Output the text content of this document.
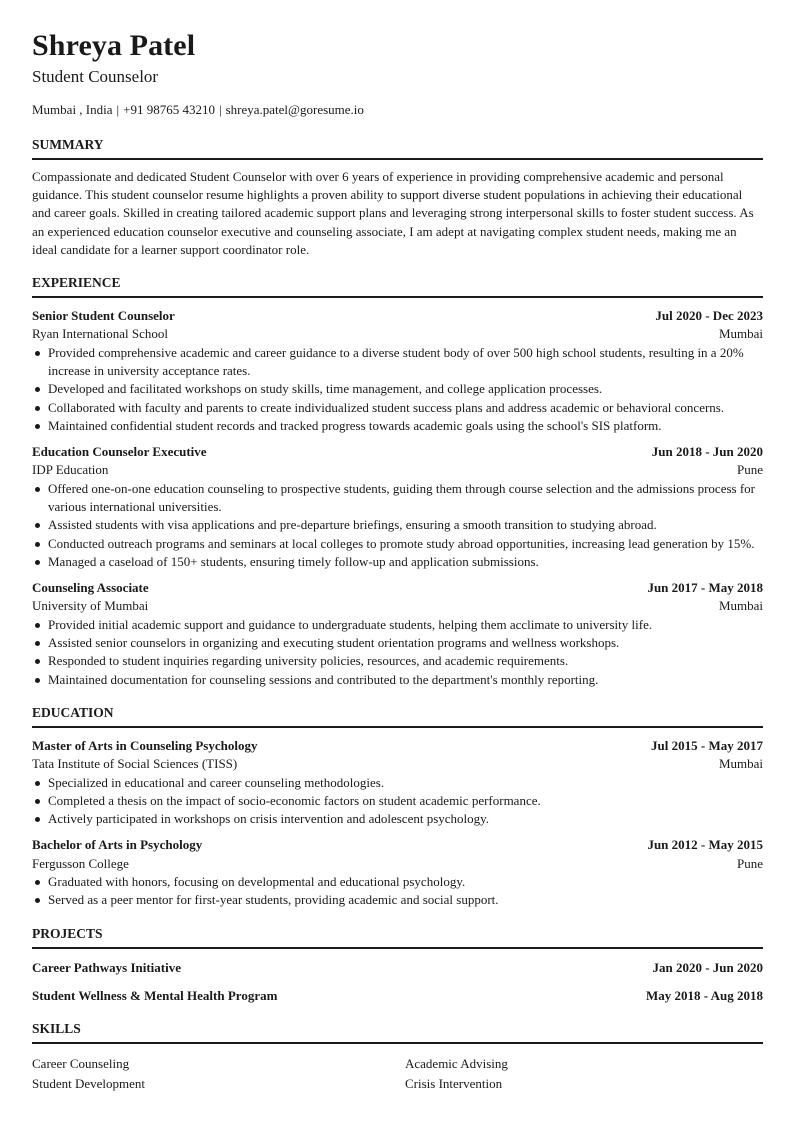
Shreya Patel
Student Counselor
Mumbai , India | +91 98765 43210 | shreya.patel@goresume.io
SUMMARY
Compassionate and dedicated Student Counselor with over 6 years of experience in providing comprehensive academic and personal guidance. This student counselor resume highlights a proven ability to support diverse student populations in achieving their educational and career goals. Skilled in creating tailored academic support plans and leveraging strong interpersonal skills to foster student success. As an experienced education counselor executive and counseling associate, I am adept at navigating complex student needs, making me an ideal candidate for a learner support coordinator role.
EXPERIENCE
Senior Student Counselor	Jul 2020 - Dec 2023
Ryan International School	Mumbai
Provided comprehensive academic and career guidance to a diverse student body of over 500 high school students, resulting in a 20% increase in university acceptance rates.
Developed and facilitated workshops on study skills, time management, and college application processes.
Collaborated with faculty and parents to create individualized student success plans and address academic or behavioral concerns.
Maintained confidential student records and tracked progress towards academic goals using the school's SIS platform.
Education Counselor Executive	Jun 2018 - Jun 2020
IDP Education	Pune
Offered one-on-one education counseling to prospective students, guiding them through course selection and the admissions process for various international universities.
Assisted students with visa applications and pre-departure briefings, ensuring a smooth transition to studying abroad.
Conducted outreach programs and seminars at local colleges to promote study abroad opportunities, increasing lead generation by 15%.
Managed a caseload of 150+ students, ensuring timely follow-up and application submissions.
Counseling Associate	Jun 2017 - May 2018
University of Mumbai	Mumbai
Provided initial academic support and guidance to undergraduate students, helping them acclimate to university life.
Assisted senior counselors in organizing and executing student orientation programs and wellness workshops.
Responded to student inquiries regarding university policies, resources, and academic requirements.
Maintained documentation for counseling sessions and contributed to the department's monthly reporting.
EDUCATION
Master of Arts in Counseling Psychology	Jul 2015 - May 2017
Tata Institute of Social Sciences (TISS)	Mumbai
Specialized in educational and career counseling methodologies.
Completed a thesis on the impact of socio-economic factors on student academic performance.
Actively participated in workshops on crisis intervention and adolescent psychology.
Bachelor of Arts in Psychology	Jun 2012 - May 2015
Fergusson College	Pune
Graduated with honors, focusing on developmental and educational psychology.
Served as a peer mentor for first-year students, providing academic and social support.
PROJECTS
Career Pathways Initiative	Jan 2020 - Jun 2020
Student Wellness & Mental Health Program	May 2018 - Aug 2018
SKILLS
Career Counseling	Academic Advising
Student Development	Crisis Intervention
